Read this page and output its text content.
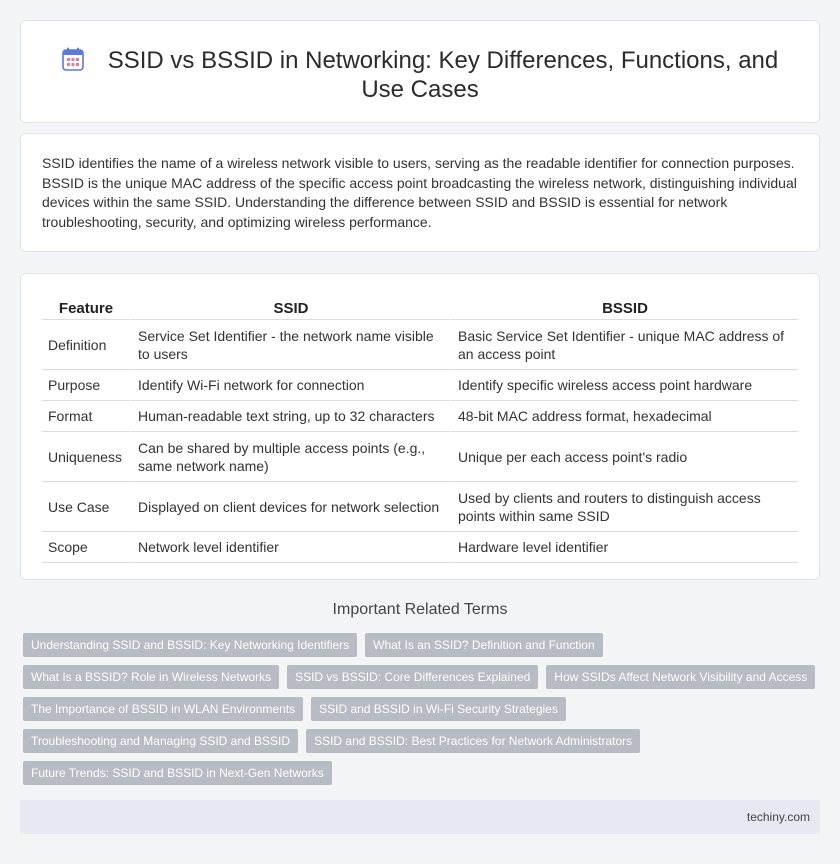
SSID vs BSSID in Networking: Key Differences, Functions, and Use Cases

SSID identifies the name of a wireless network visible to users, serving as the readable identifier for connection purposes. BSSID is the unique MAC address of the specific access point broadcasting the wireless network, distinguishing individual devices within the same SSID. Understanding the difference between SSID and BSSID is essential for network troubleshooting, security, and optimizing wireless performance.

Feature	SSID	BSSID
Definition	Service Set Identifier - the network name visible to users	Basic Service Set Identifier - unique MAC address of an access point
Purpose	Identify Wi-Fi network for connection	Identify specific wireless access point hardware
Format	Human-readable text string, up to 32 characters	48-bit MAC address format, hexadecimal
Uniqueness	Can be shared by multiple access points (e.g., same network name)	Unique per each access point's radio
Use Case	Displayed on client devices for network selection	Used by clients and routers to distinguish access points within same SSID
Scope	Network level identifier	Hardware level identifier
Important Related Terms
Understanding SSID and BSSID: Key Networking Identifiers	What Is an SSID? Definition and Function
What Is a BSSID? Role in Wireless Networks	SSID vs BSSID: Core Differences Explained	How SSIDs Affect Network Visibility and Access
The Importance of BSSID in WLAN Environments	SSID and BSSID in Wi-Fi Security Strategies
Troubleshooting and Managing SSID and BSSID	SSID and BSSID: Best Practices for Network Administrators
Future Trends: SSID and BSSID in Next-Gen Networks
techiny.com
